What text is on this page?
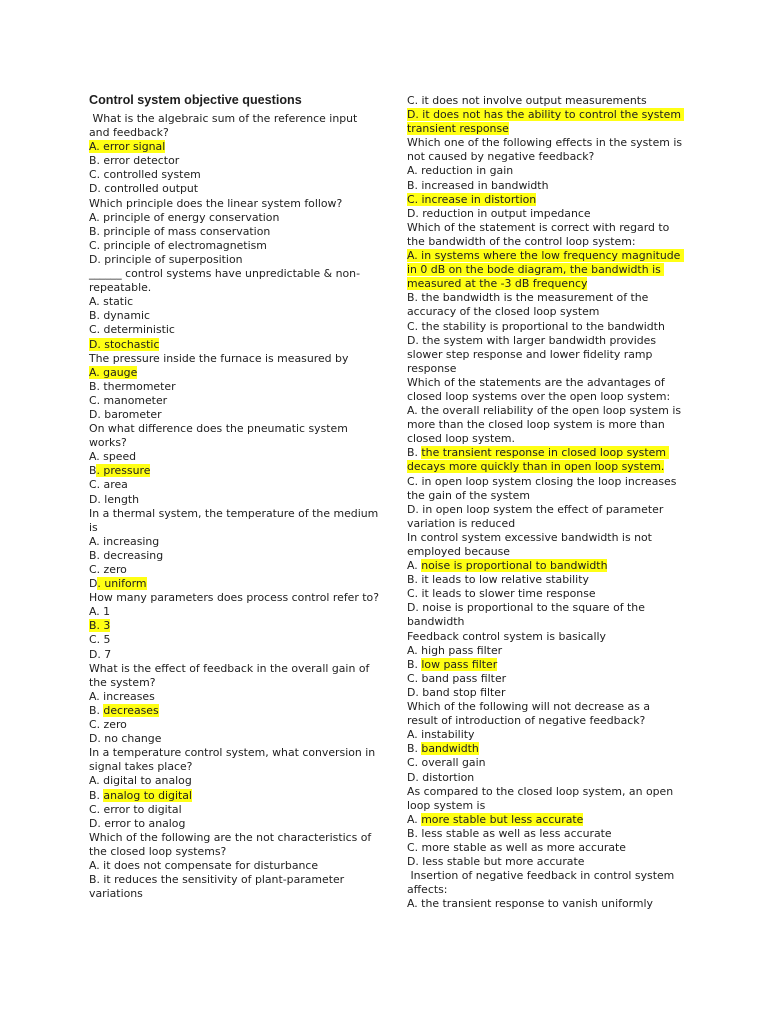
Control system objective questions
What is the algebraic sum of the reference input and feedback?
A. error signal
B. error detector
C. controlled system
D. controlled output
Which principle does the linear system follow?
A. principle of energy conservation
B. principle of mass conservation
C. principle of electromagnetism
D. principle of superposition
______ control systems have unpredictable & non-repeatable.
A. static
B. dynamic
C. deterministic
D. stochastic
The pressure inside the furnace is measured by
A. gauge
B. thermometer
C. manometer
D. barometer
On what difference does the pneumatic system works?
A. speed
B. pressure
C. area
D. length
In a thermal system, the temperature of the medium is
A. increasing
B. decreasing
C. zero
D. uniform
How many parameters does process control refer to?
A. 1
B. 3
C. 5
D. 7
What is the effect of feedback in the overall gain of the system?
A. increases
B. decreases
C. zero
D. no change
In a temperature control system, what conversion in signal takes place?
A. digital to analog
B. analog to digital
C. error to digital
D. error to analog
Which of the following are the not characteristics of the closed loop systems?
A. it does not compensate for disturbance
B. it reduces the sensitivity of plant-parameter variations
C. it does not involve output measurements
D. it does not has the ability to control the system transient response
Which one of the following effects in the system is not caused by negative feedback?
A. reduction in gain
B. increased in bandwidth
C. increase in distortion
D. reduction in output impedance
Which of the statement is correct with regard to the bandwidth of the control loop system:
A. in systems where the low frequency magnitude in 0 dB on the bode diagram, the bandwidth is measured at the -3 dB frequency
B. the bandwidth is the measurement of the accuracy of the closed loop system
C. the stability is proportional to the bandwidth
D. the system with larger bandwidth provides slower step response and lower fidelity ramp response
Which of the statements are the advantages of closed loop systems over the open loop system:
A. the overall reliability of the open loop system is more than the closed loop system is more than closed loop system.
B. the transient response in closed loop system decays more quickly than in open loop system.
C. in open loop system closing the loop increases the gain of the system
D. in open loop system the effect of parameter variation is reduced
In control system excessive bandwidth is not employed because
A. noise is proportional to bandwidth
B. it leads to low relative stability
C. it leads to slower time response
D. noise is proportional to the square of the bandwidth
Feedback control system is basically
A. high pass filter
B. low pass filter
C. band pass filter
D. band stop filter
Which of the following will not decrease as a result of introduction of negative feedback?
A. instability
B. bandwidth
C. overall gain
D. distortion
As compared to the closed loop system, an open loop system is
A. more stable but less accurate
B. less stable as well as less accurate
C. more stable as well as more accurate
D. less stable but more accurate
Insertion of negative feedback in control system affects:
A. the transient response to vanish uniformly
